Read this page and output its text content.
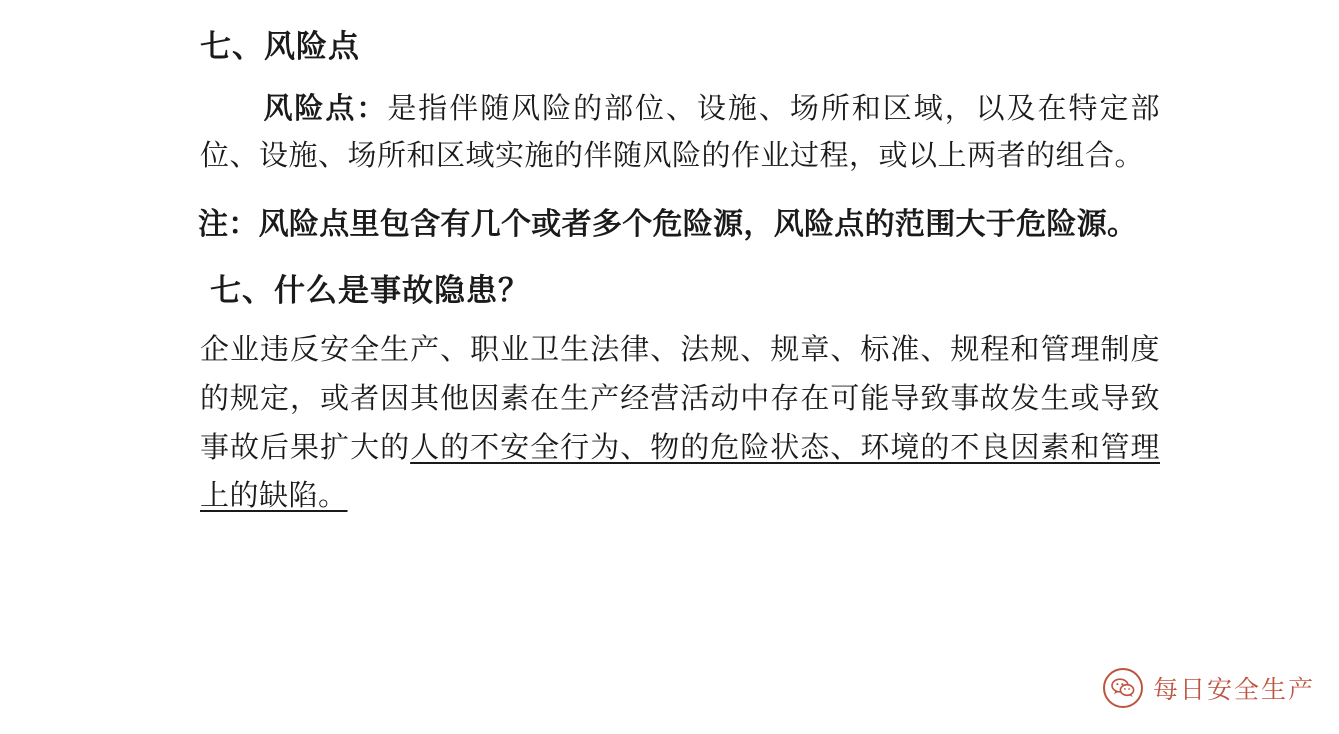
七、风险点

风险点：是指伴随风险的部位、设施、场所和区域，以及在特定部位、设施、场所和区域实施的伴随风险的作业过程，或以上两者的组合。

注：风险点里包含有几个或者多个危险源，风险点的范围大于危险源。

七、什么是事故隐患？

企业违反安全生产、职业卫生法律、法规、规章、标准、规程和管理制度的规定，或者因其他因素在生产经营活动中存在可能导致事故发生或导致事故后果扩大的人的不安全行为、物的危险状态、环境的不良因素和管理上的缺陷。

每日安全生产
